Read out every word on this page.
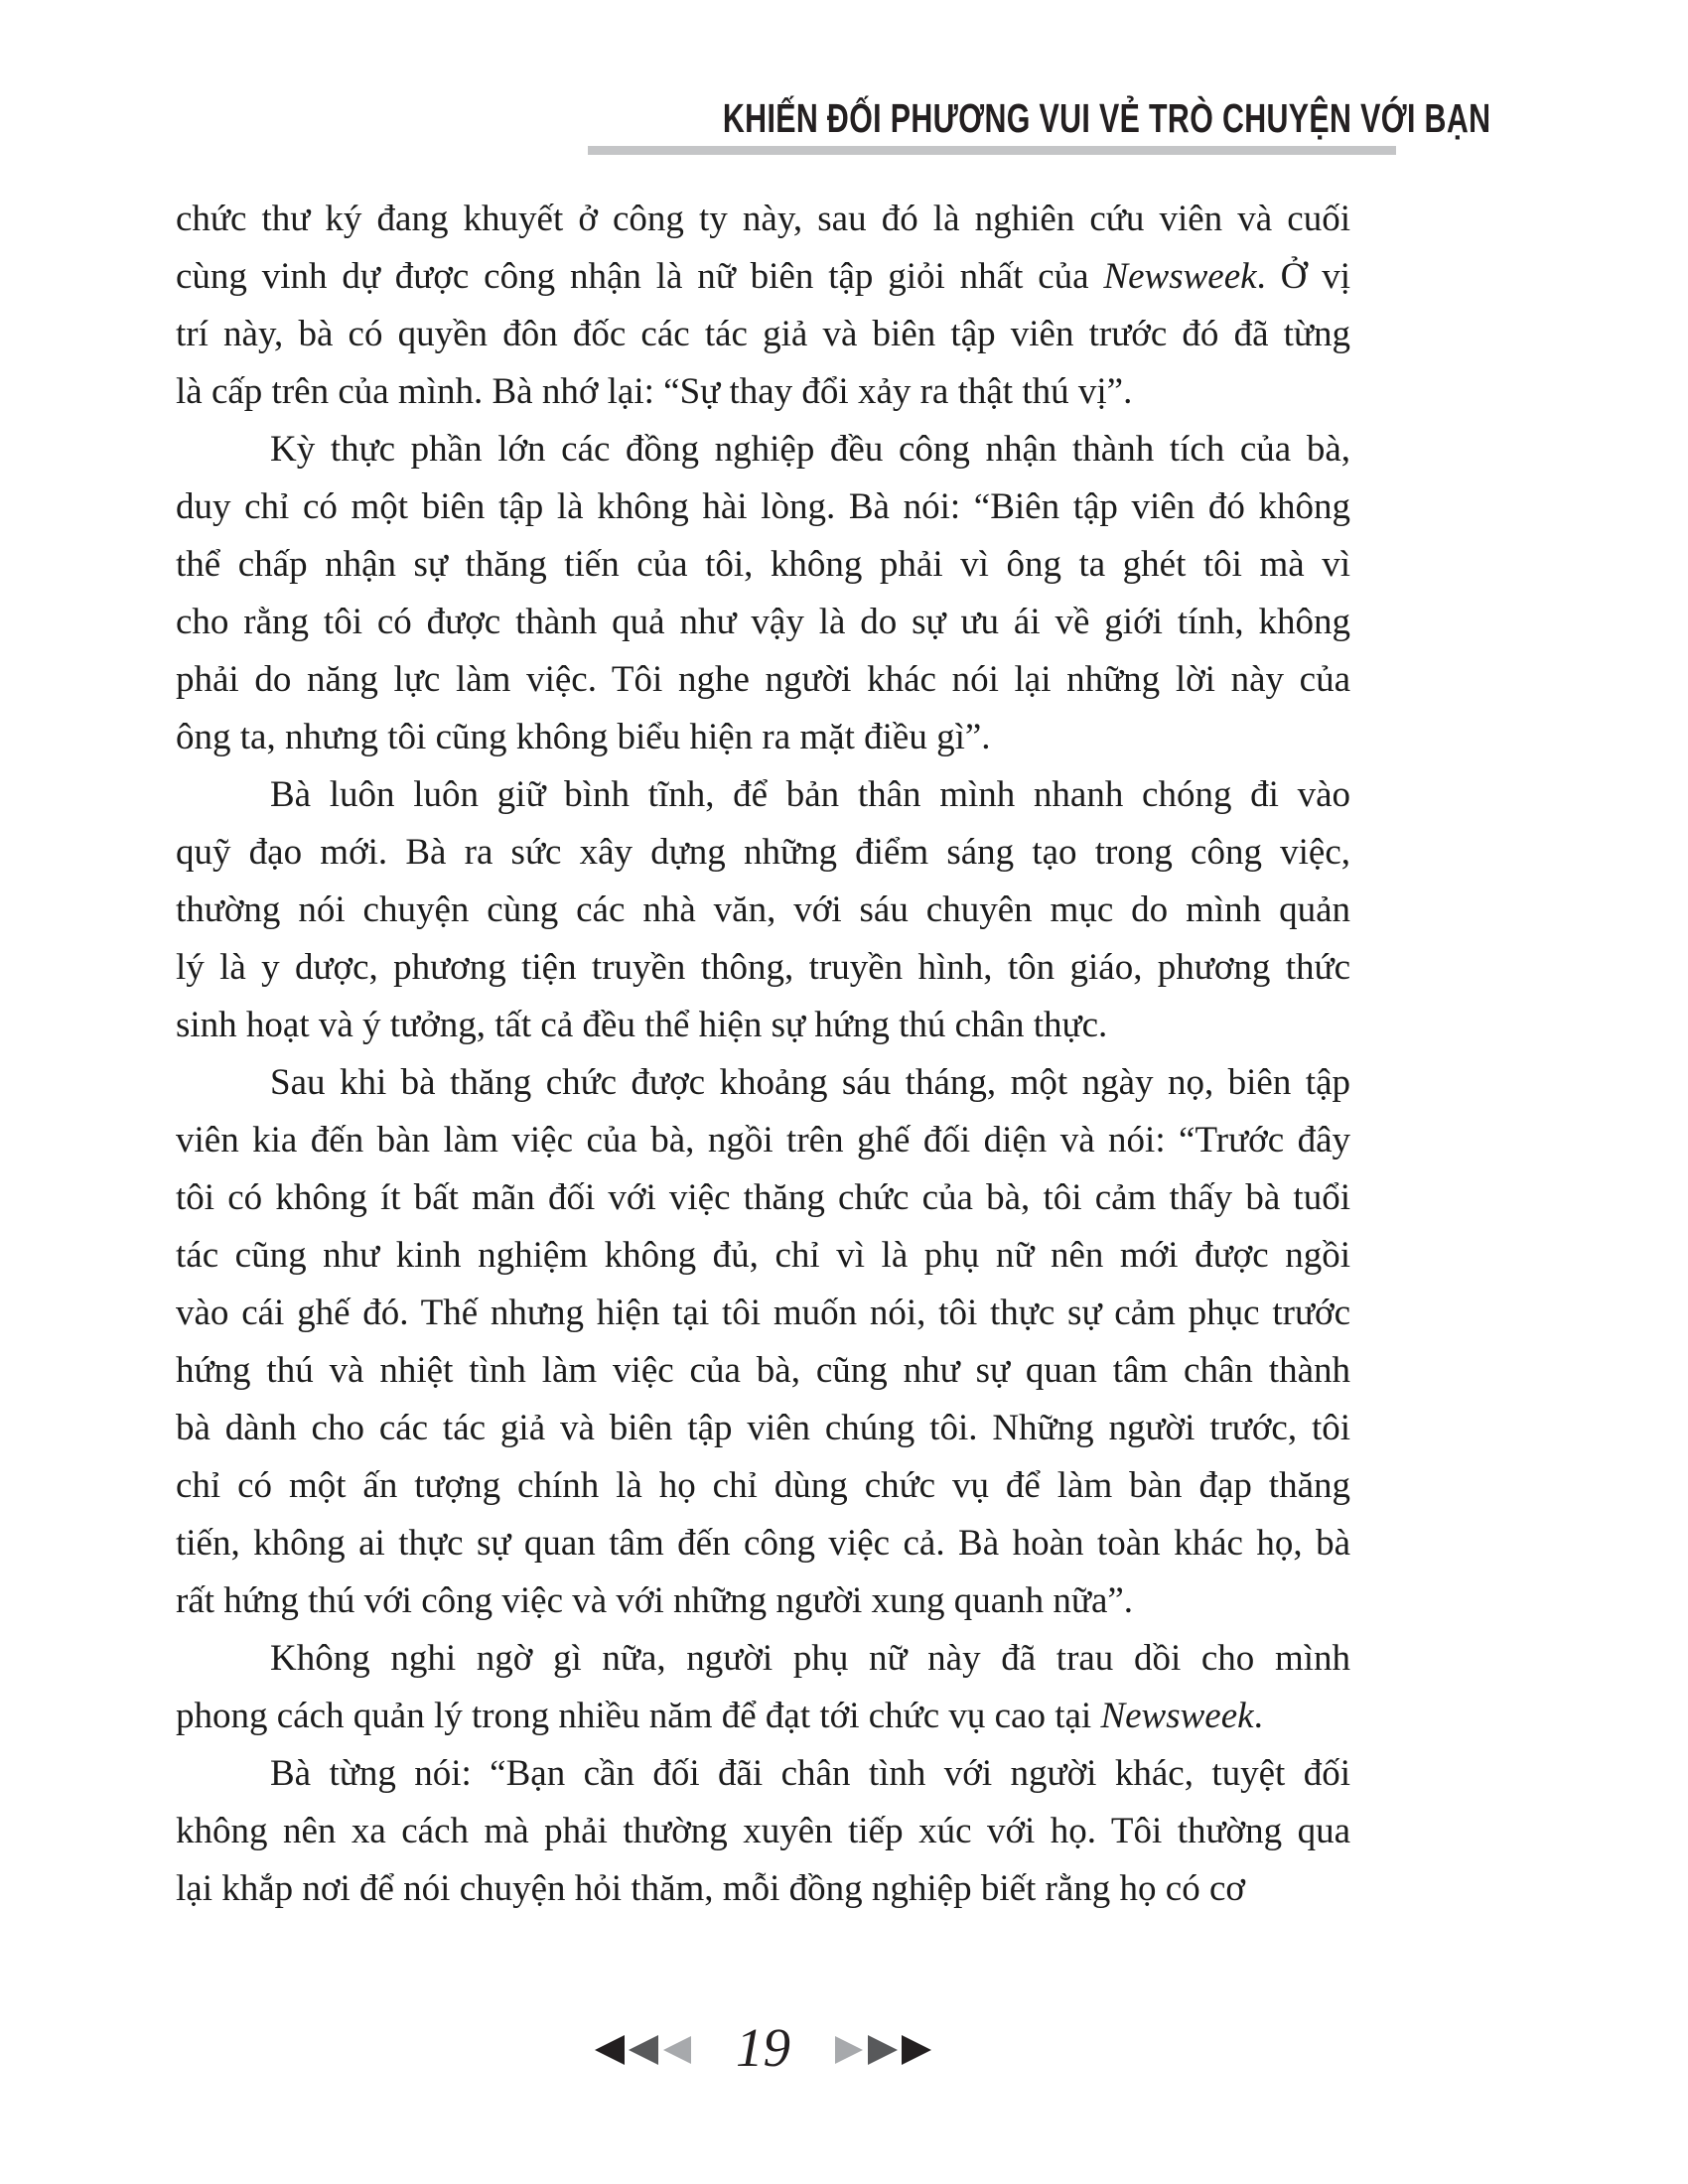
KHIẾN ĐỐI PHƯƠNG VUI VẺ TRÒ CHUYỆN VỚI BẠN
chức thư ký đang khuyết ở công ty này, sau đó là nghiên cứu viên và cuối
cùng vinh dự được công nhận là nữ biên tập giỏi nhất của Newsweek. Ở vị
trí này, bà có quyền đôn đốc các tác giả và biên tập viên trước đó đã từng
là cấp trên của mình. Bà nhớ lại: “Sự thay đổi xảy ra thật thú vị”.
Kỳ thực phần lớn các đồng nghiệp đều công nhận thành tích của bà,
duy chỉ có một biên tập là không hài lòng. Bà nói: “Biên tập viên đó không
thể chấp nhận sự thăng tiến của tôi, không phải vì ông ta ghét tôi mà vì
cho rằng tôi có được thành quả như vậy là do sự ưu ái về giới tính, không
phải do năng lực làm việc. Tôi nghe người khác nói lại những lời này của
ông ta, nhưng tôi cũng không biểu hiện ra mặt điều gì”.
Bà luôn luôn giữ bình tĩnh, để bản thân mình nhanh chóng đi vào
quỹ đạo mới. Bà ra sức xây dựng những điểm sáng tạo trong công việc,
thường nói chuyện cùng các nhà văn, với sáu chuyên mục do mình quản
lý là y dược, phương tiện truyền thông, truyền hình, tôn giáo, phương thức
sinh hoạt và ý tưởng, tất cả đều thể hiện sự hứng thú chân thực.
Sau khi bà thăng chức được khoảng sáu tháng, một ngày nọ, biên tập
viên kia đến bàn làm việc của bà, ngồi trên ghế đối diện và nói: “Trước đây
tôi có không ít bất mãn đối với việc thăng chức của bà, tôi cảm thấy bà tuổi
tác cũng như kinh nghiệm không đủ, chỉ vì là phụ nữ nên mới được ngồi
vào cái ghế đó. Thế nhưng hiện tại tôi muốn nói, tôi thực sự cảm phục trước
hứng thú và nhiệt tình làm việc của bà, cũng như sự quan tâm chân thành
bà dành cho các tác giả và biên tập viên chúng tôi. Những người trước, tôi
chỉ có một ấn tượng chính là họ chỉ dùng chức vụ để làm bàn đạp thăng
tiến, không ai thực sự quan tâm đến công việc cả. Bà hoàn toàn khác họ, bà
rất hứng thú với công việc và với những người xung quanh nữa”.
Không nghi ngờ gì nữa, người phụ nữ này đã trau dồi cho mình
phong cách quản lý trong nhiều năm để đạt tới chức vụ cao tại Newsweek.
Bà từng nói: “Bạn cần đối đãi chân tình với người khác, tuyệt đối
không nên xa cách mà phải thường xuyên tiếp xúc với họ. Tôi thường qua
lại khắp nơi để nói chuyện hỏi thăm, mỗi đồng nghiệp biết rằng họ có cơ
19
